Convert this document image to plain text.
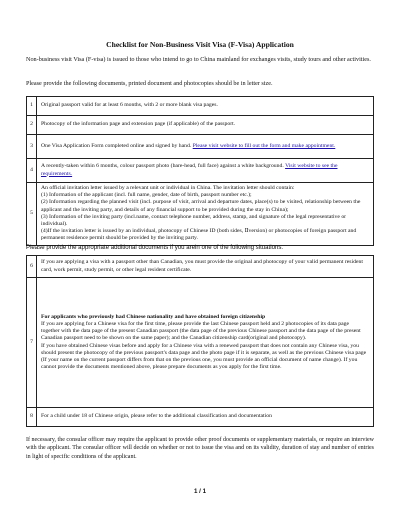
Checklist for Non-Business Visit Visa (F-Visa) Application
Non-business visit Visa (F-visa) is issued to those who intend to go to China mainland for exchanges visits, study tours and other activities.
Please provide the following documents, printed document and photocopies should be in letter size.
1	Original passport valid for at least 6 months, with 2 or more blank visa pages.
2	Photocopy of the information page and extension page (if applicable) of the passport.
3	One Visa Application Form completed online and signed by hand. Please visit website to fill out the form and make appointment.
4	A recently-taken within 6 months, colour passport photo (bare-head, full face) against a white background. Visit website to see the requirements.
5	An official invitation letter issued by a relevant unit or individual in China. The invitation letter should contain:
(1) Information of the applicant (incl. full name, gender, date of birth, passport number etc.);
(2) Information regarding the planned visit (incl. purpose of visit, arrival and departure dates, place(s) to be visited, relationship between the applicant and the inviting party, and details of any financial support to be provided during the stay in China);
(3) Information of the inviting party (incl.name, contact telephone number, address, stamp, and signature of the legal representative or individual).
(4)If the invitation letter is issued by an individual, photocopy of Chinese ID (both sides, Ⅱversion) or photocopies of foreign passport and permanent residence permit should be provided by the inviting party.
Please provide the appropriate additional documents if you arein one of the following situations.
6	If you are applying a visa with a passport other than Canadian, you must provide the original and photocopy of your valid permanent resident card, work permit, study permit, or other legal resident certificate.
7	For applicants who previously had Chinese nationality and have obtained foreign citizenship
If you are applying for a Chinese visa for the first time, please provide the last Chinese passport held and 2 photocopies of its data page together with the data page of the present Canadian passport (the data page of the previous Chinese passport and the data page of the present Canadian passport need to be shown on the same paper); and the Canadian citizenship card(original and photocopy).
If you have obtained Chinese visas before and apply for a Chinese visa with a renewed passport that does not contain any Chinese visa, you should present the photocopy of the previous passport's data page and the photo page if it is separate, as well as the previous Chinese visa page (If your name on the current passport differs from that on the previous one, you must provide an official document of name change). If you cannot provide the documents mentioned above, please prepare documents as you apply for the first time.

8	For a child under 18 of Chinese origin, please refer to the additional classification and documentation
If necessary, the consular officer may require the applicant to provide other proof documents or supplementary materials, or require an interview with the applicant. The consular officer will decide on whether or not to issue the visa and on its validity, duration of stay and number of entries in light of specific conditions of the applicant.
1 / 1
